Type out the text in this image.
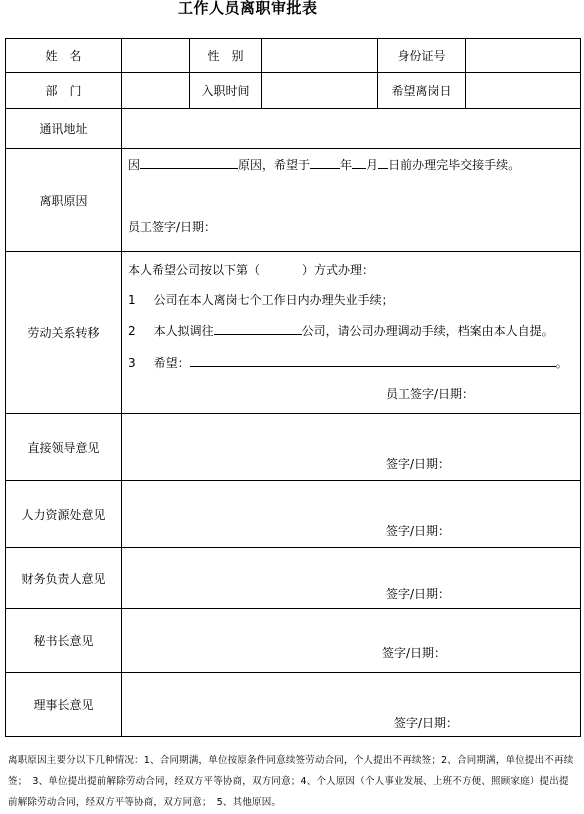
工作人员离职审批表
姓　名		性　别		身份证号	
部　门		入职时间		希望离岗日	
通讯地址					
离职原因	因 原因，希望于 年 月 日前办理完毕交接手续。
员工签字/日期：				

劳动关系转移	本人希望公司按以下第（ ）方式办理：
1 公司在本人离岗七个工作日内办理失业手续；
2 本人拟调往 公司，请公司办理调动手续，档案由本人自提。
3 希望： 。
员工签字/日期：				

直接领导意见	签字/日期：				

人力资源处意见	签字/日期：				

财务负责人意见	签字/日期：				

秘书长意见	签字/日期：				

理事长意见	签字/日期：				
离职原因主要分以下几种情况：1、合同期满，单位按原条件同意续签劳动合同，个人提出不再续签；2、合同期满，单位提出不再续签；　3、单位提出提前解除劳动合同，经双方平等协商，双方同意；4、个人原因（个人事业发展、上班不方便、照顾家庭）提出提前解除劳动合同，经双方平等协商，双方同意；　5、其他原因。
